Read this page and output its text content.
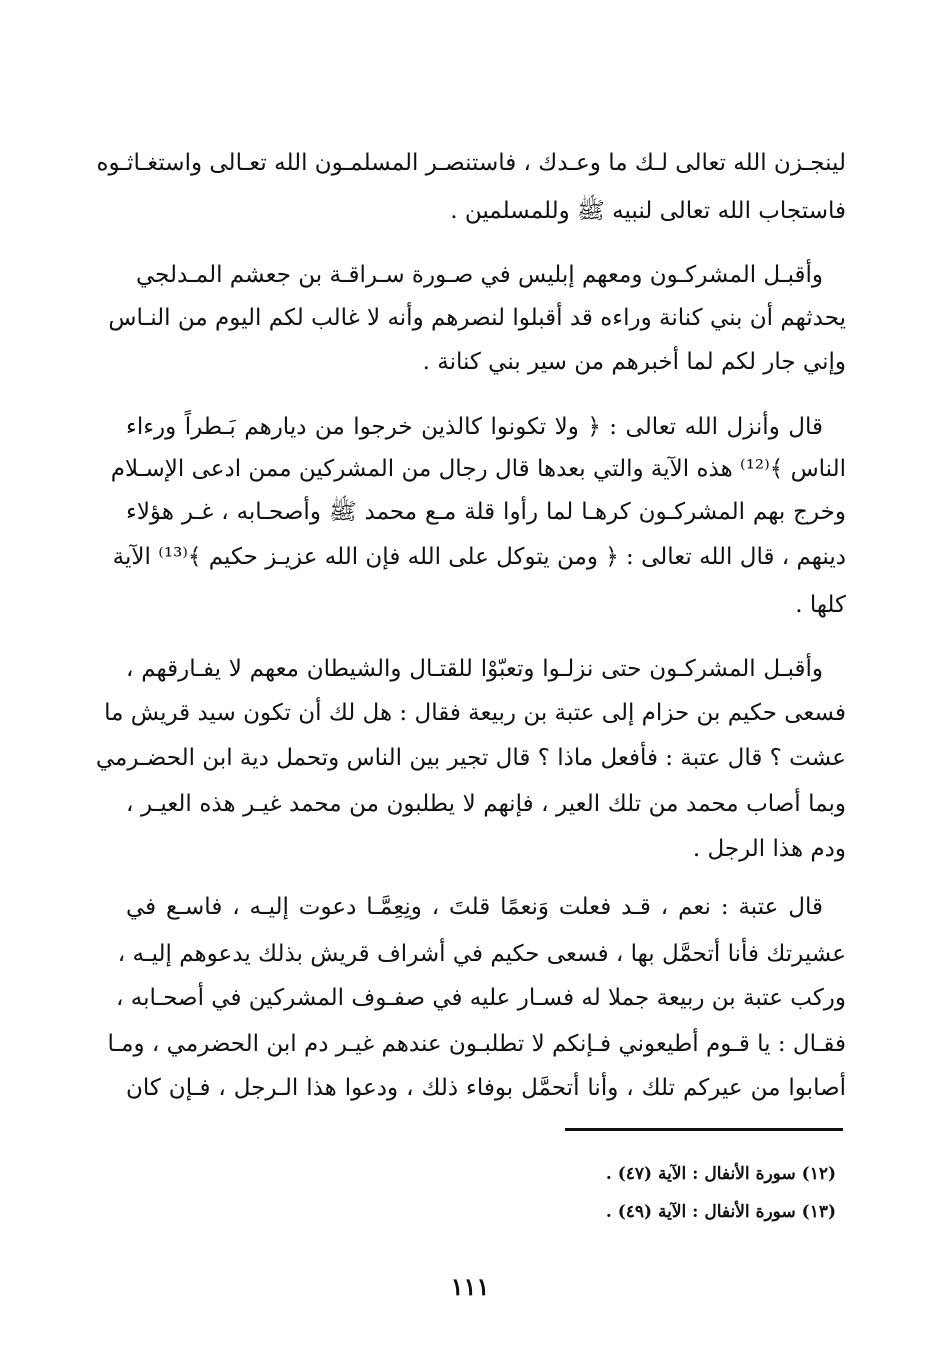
لينجـزن الله تعالى لـك ما وعـدك ، فاستنصـر المسلمـون الله تعـالى واستغـاثـوه
فاستجاب الله تعالى لنبيه ﷺ وللمسلمين .
وأقبـل المشركـون ومعهم إبليس في صـورة سـراقـة بن جعشم المـدلجي
يحدثهم أن بني كنانة وراءه قد أقبلوا لنصرهم وأنه لا غالب لكم اليوم من النـاس
وإني جار لكم لما أخبرهم من سير بني كنانة .
قال وأنزل الله تعالى : ﴿ ولا تكونوا كالذين خرجوا من ديارهم بَـطراً ورءاء
الناس ﴾⁽¹²⁾ هذه الآية والتي بعدها قال رجال من المشركين ممن ادعى الإسـلام
وخرج بهم المشركـون كرهـا لما رأوا قلة مـع محمد ﷺ وأصحـابه ، غـر هؤلاء
دينهم ، قال الله تعالى : ﴿ ومن يتوكل على الله فإن الله عزيـز حكيم ﴾⁽¹³⁾ الآية
كلها .
وأقبـل المشركـون حتى نزلـوا وتعبّوْا للقتـال والشيطان معهم لا يفـارقهم ،
فسعى حكيم بن حزام إلى عتبة بن ربيعة فقال : هل لك أن تكون سيد قريش ما
عشت ؟ قال عتبة : فأفعل ماذا ؟ قال تجير بين الناس وتحمل دية ابن الحضـرمي
وبما أصاب محمد من تلك العير ، فإنهم لا يطلبون من محمد غيـر هذه العيـر ،
ودم هذا الرجل .
قال عتبة : نعم ، قـد فعلت وَنعمًا قلتَ ، ونِعِمَّـا دعوت إليـه ، فاسـع في
عشيرتك فأنا أتحمَّل بها ، فسعى حكيم في أشراف قريش بذلك يدعوهم إليـه ،
وركب عتبة بن ربيعة جملا له فسـار عليه في صفـوف المشركين في أصحـابه ،
فقـال : يا قـوم أطيعوني فـإنكم لا تطلبـون عندهم غيـر دم ابن الحضرمي ، ومـا
أصابوا من عيركم تلك ، وأنا أتحمَّل بوفاء ذلك ، ودعوا هذا الـرجل ، فـإن كان
(١٢) سورة الأنفال : الآية (٤٧) .
(١٣) سورة الأنفال : الآية (٤٩) .
١١١
